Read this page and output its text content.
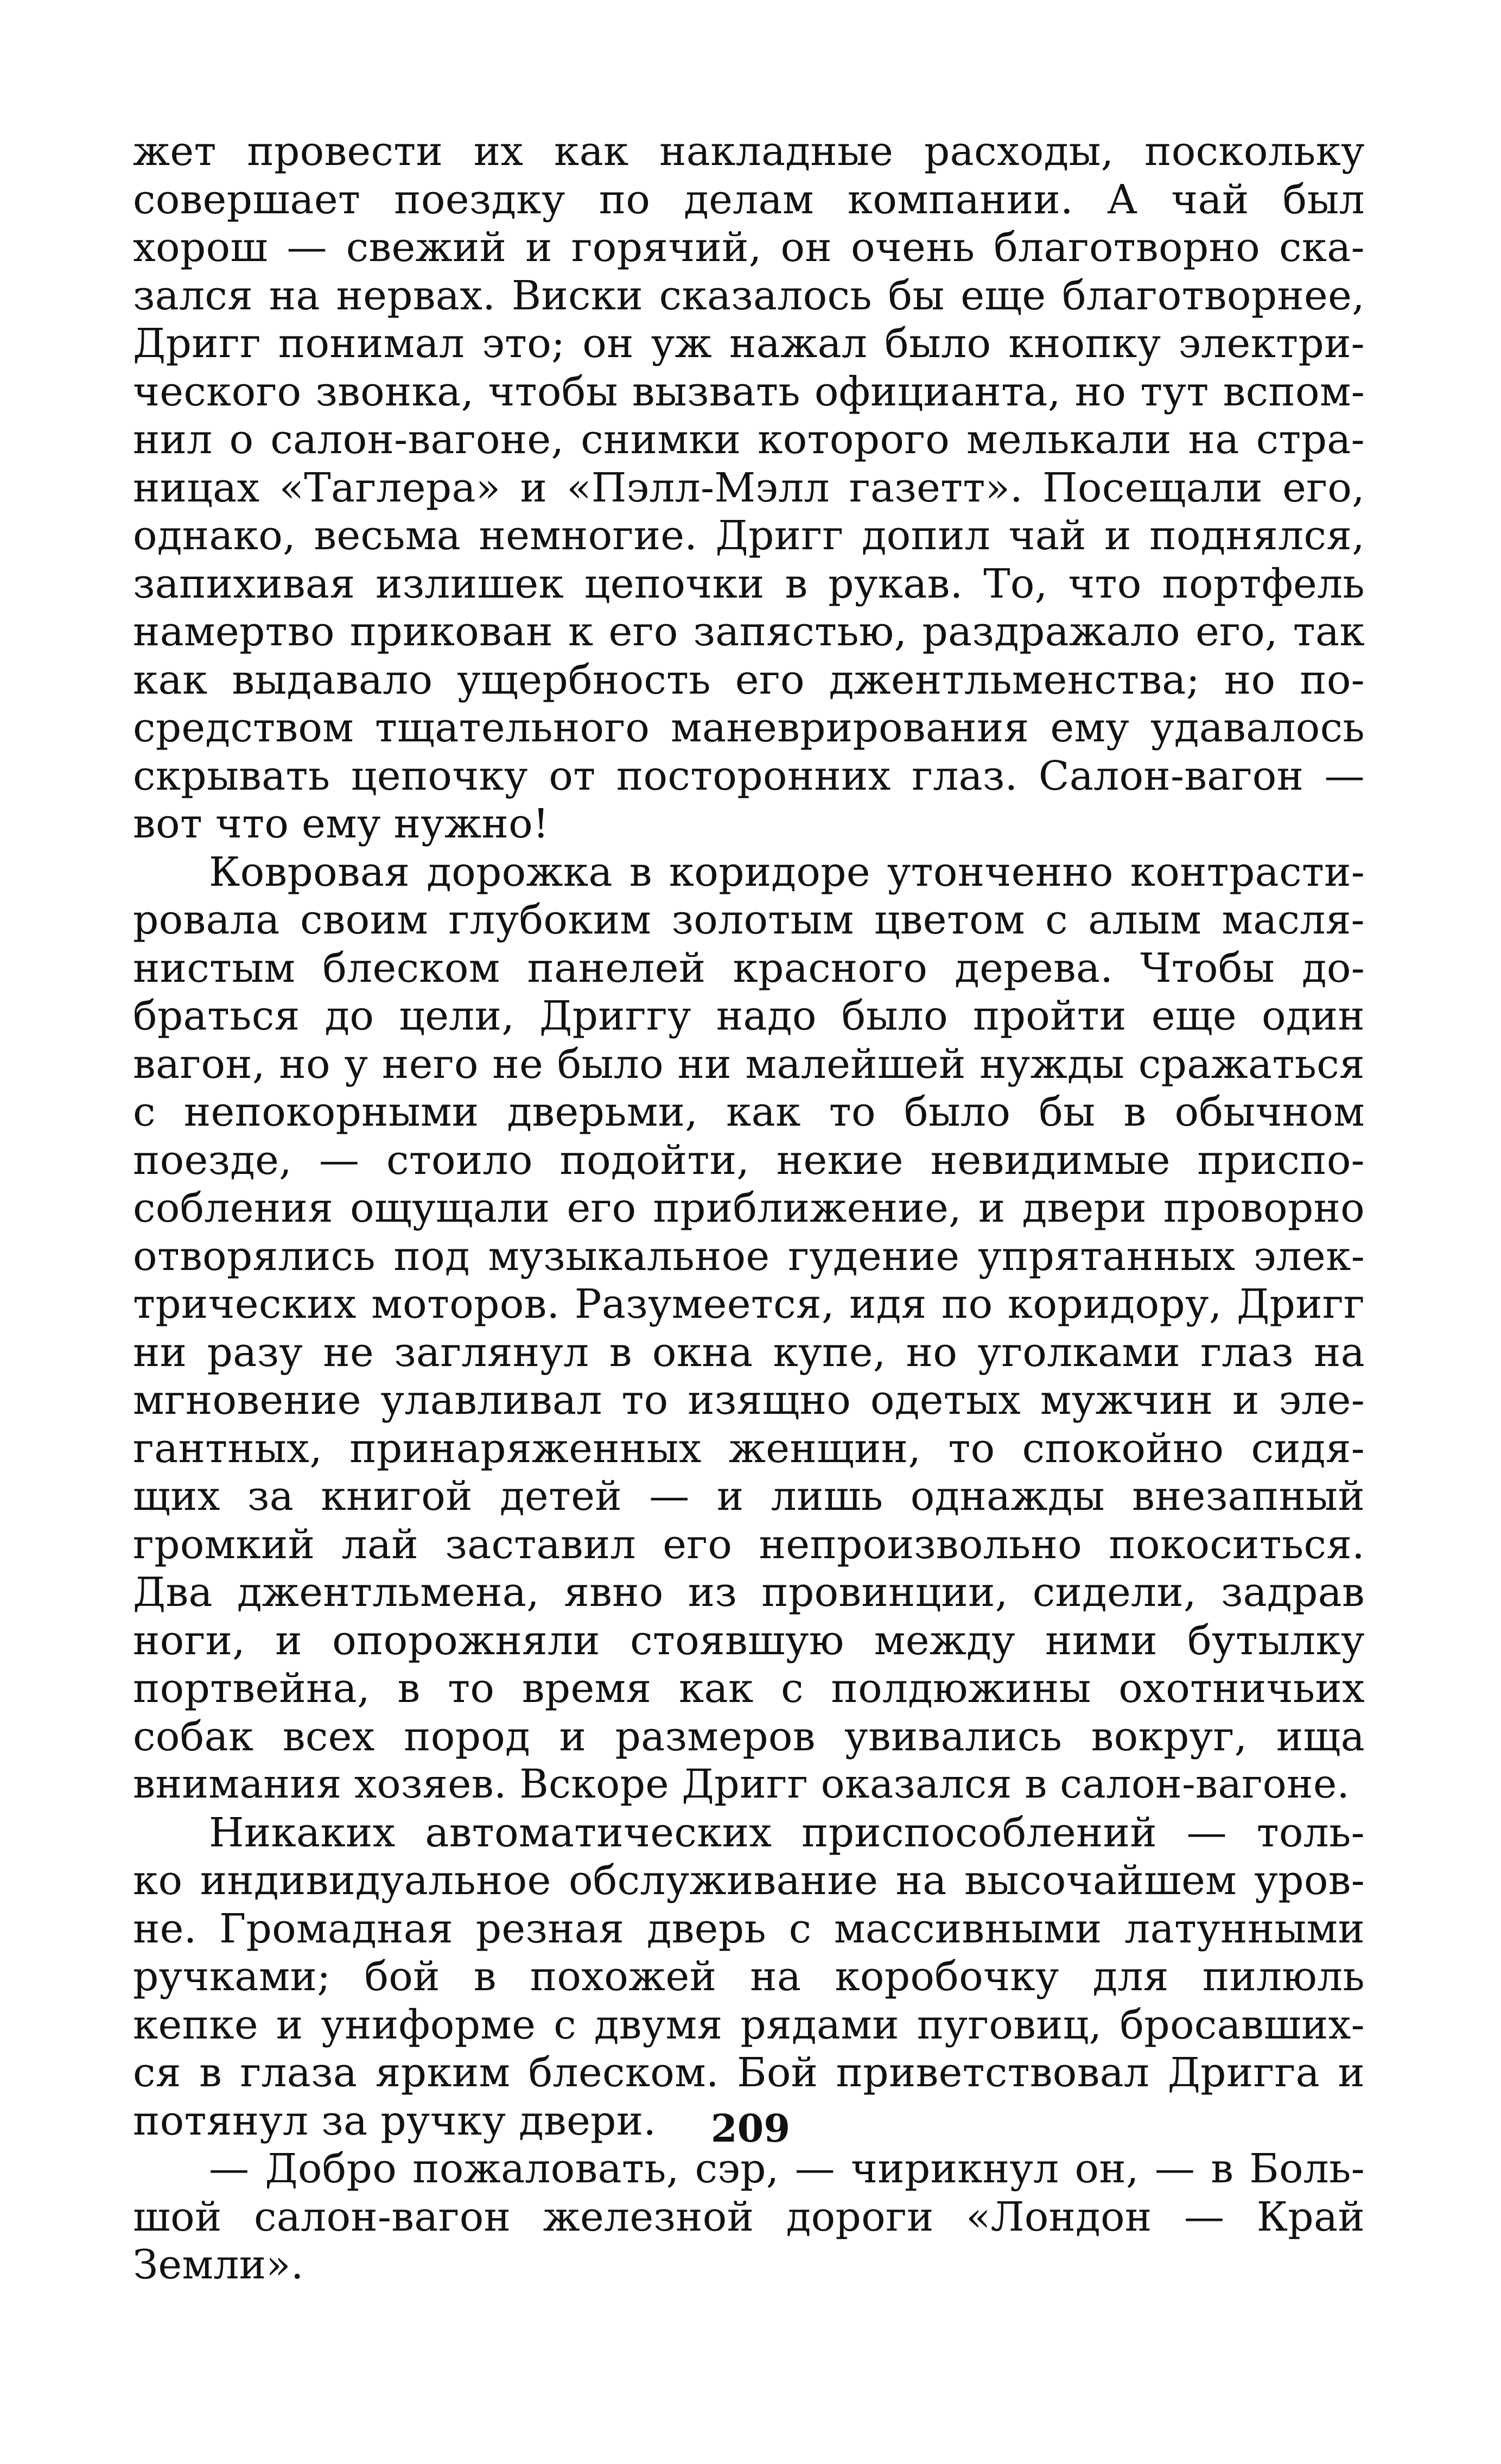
жет провести их как накладные расходы, поскольку
совершает поездку по делам компании. А чай был
хорош — свежий и горячий, он очень благотворно ска-
зался на нервах. Виски сказалось бы еще благотворнее,
Дригг понимал это; он уж нажал было кнопку электри-
ческого звонка, чтобы вызвать официанта, но тут вспом-
нил о салон-вагоне, снимки которого мелькали на стра-
ницах «Таглера» и «Пэлл-Мэлл газетт». Посещали его,
однако, весьма немногие. Дригг допил чай и поднялся,
запихивая излишек цепочки в рукав. То, что портфель
намертво прикован к его запястью, раздражало его, так
как выдавало ущербность его джентльменства; но по-
средством тщательного маневрирования ему удавалось
скрывать цепочку от посторонних глаз. Салон-вагон —
вот что ему нужно!
Ковровая дорожка в коридоре утонченно контрасти-
ровала своим глубоким золотым цветом с алым масля-
нистым блеском панелей красного дерева. Чтобы до-
браться до цели, Дриггу надо было пройти еще один
вагон, но у него не было ни малейшей нужды сражаться
с непокорными дверьми, как то было бы в обычном
поезде, — стоило подойти, некие невидимые приспо-
собления ощущали его приближение, и двери проворно
отворялись под музыкальное гудение упрятанных элек-
трических моторов. Разумеется, идя по коридору, Дригг
ни разу не заглянул в окна купе, но уголками глаз на
мгновение улавливал то изящно одетых мужчин и эле-
гантных, принаряженных женщин, то спокойно сидя-
щих за книгой детей — и лишь однажды внезапный
громкий лай заставил его непроизвольно покоситься.
Два джентльмена, явно из провинции, сидели, задрав
ноги, и опорожняли стоявшую между ними бутылку
портвейна, в то время как с полдюжины охотничьих
собак всех пород и размеров увивались вокруг, ища
внимания хозяев. Вскоре Дригг оказался в салон-вагоне.
Никаких автоматических приспособлений — толь-
ко индивидуальное обслуживание на высочайшем уров-
не. Громадная резная дверь с массивными латунными
ручками; бой в похожей на коробочку для пилюль
кепке и униформе с двумя рядами пуговиц, бросавших-
ся в глаза ярким блеском. Бой приветствовал Дригга и
потянул за ручку двери.
— Добро пожаловать, сэр, — чирикнул он, — в Боль-
шой салон-вагон железной дороги «Лондон — Край
Земли».
209
